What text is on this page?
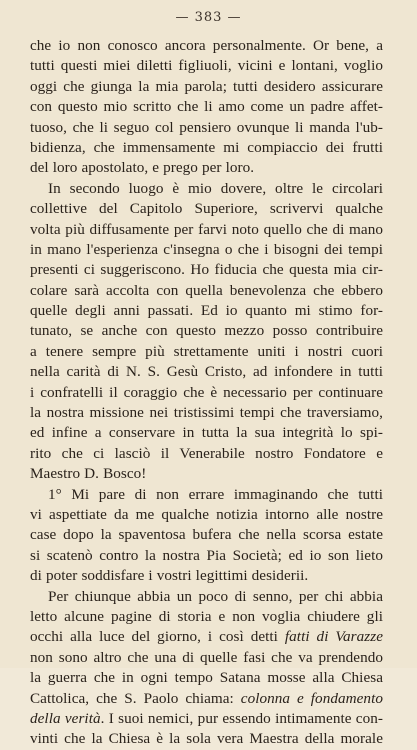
— 383 —
che io non conosco ancora personalmente. Or bene, a
tutti questi miei diletti figliuoli, vicini e lontani, voglio
oggi che giunga la mia parola; tutti desidero assicurare
con questo mio scritto che li amo come un padre affet-
tuoso, che li seguo col pensiero ovunque li manda l'ub-
bidienza, che immensamente mi compiaccio dei frutti
del loro apostolato, e prego per loro.
In secondo luogo è mio dovere, oltre le circolari
collettive del Capitolo Superiore, scrivervi qualche
volta più diffusamente per farvi noto quello che di mano
in mano l'esperienza c'insegna o che i bisogni dei tempi
presenti ci suggeriscono. Ho fiducia che questa mia cir-
colare sarà accolta con quella benevolenza che ebbero
quelle degli anni passati. Ed io quanto mi stimo for-
tunato, se anche con questo mezzo posso contribuire
a tenere sempre più strettamente uniti i nostri cuori
nella carità di N. S. Gesù Cristo, ad infondere in tutti
i confratelli il coraggio che è necessario per continuare
la nostra missione nei tristissimi tempi che traversiamo,
ed infine a conservare in tutta la sua integrità lo spi-
rito che ci lasciò il Venerabile nostro Fondatore e
Maestro D. Bosco!
1° Mi pare di non errare immaginando che tutti
vi aspettiate da me qualche notizia intorno alle nostre
case dopo la spaventosa bufera che nella scorsa estate
si scatenò contro la nostra Pia Società; ed io son lieto
di poter soddisfare i vostri legittimi desiderii.
Per chiunque abbia un poco di senno, per chi abbia
letto alcune pagine di storia e non voglia chiudere gli
occhi alla luce del giorno, i così detti fatti di Varazze
non sono altro che una di quelle fasi che va prendendo
la guerra che in ogni tempo Satana mosse alla Chiesa
Cattolica, che S. Paolo chiama: colonna e fondamento
della verità. I suoi nemici, pur essendo intimamente con-
vinti che la Chiesa è la sola vera Maestra della morale
